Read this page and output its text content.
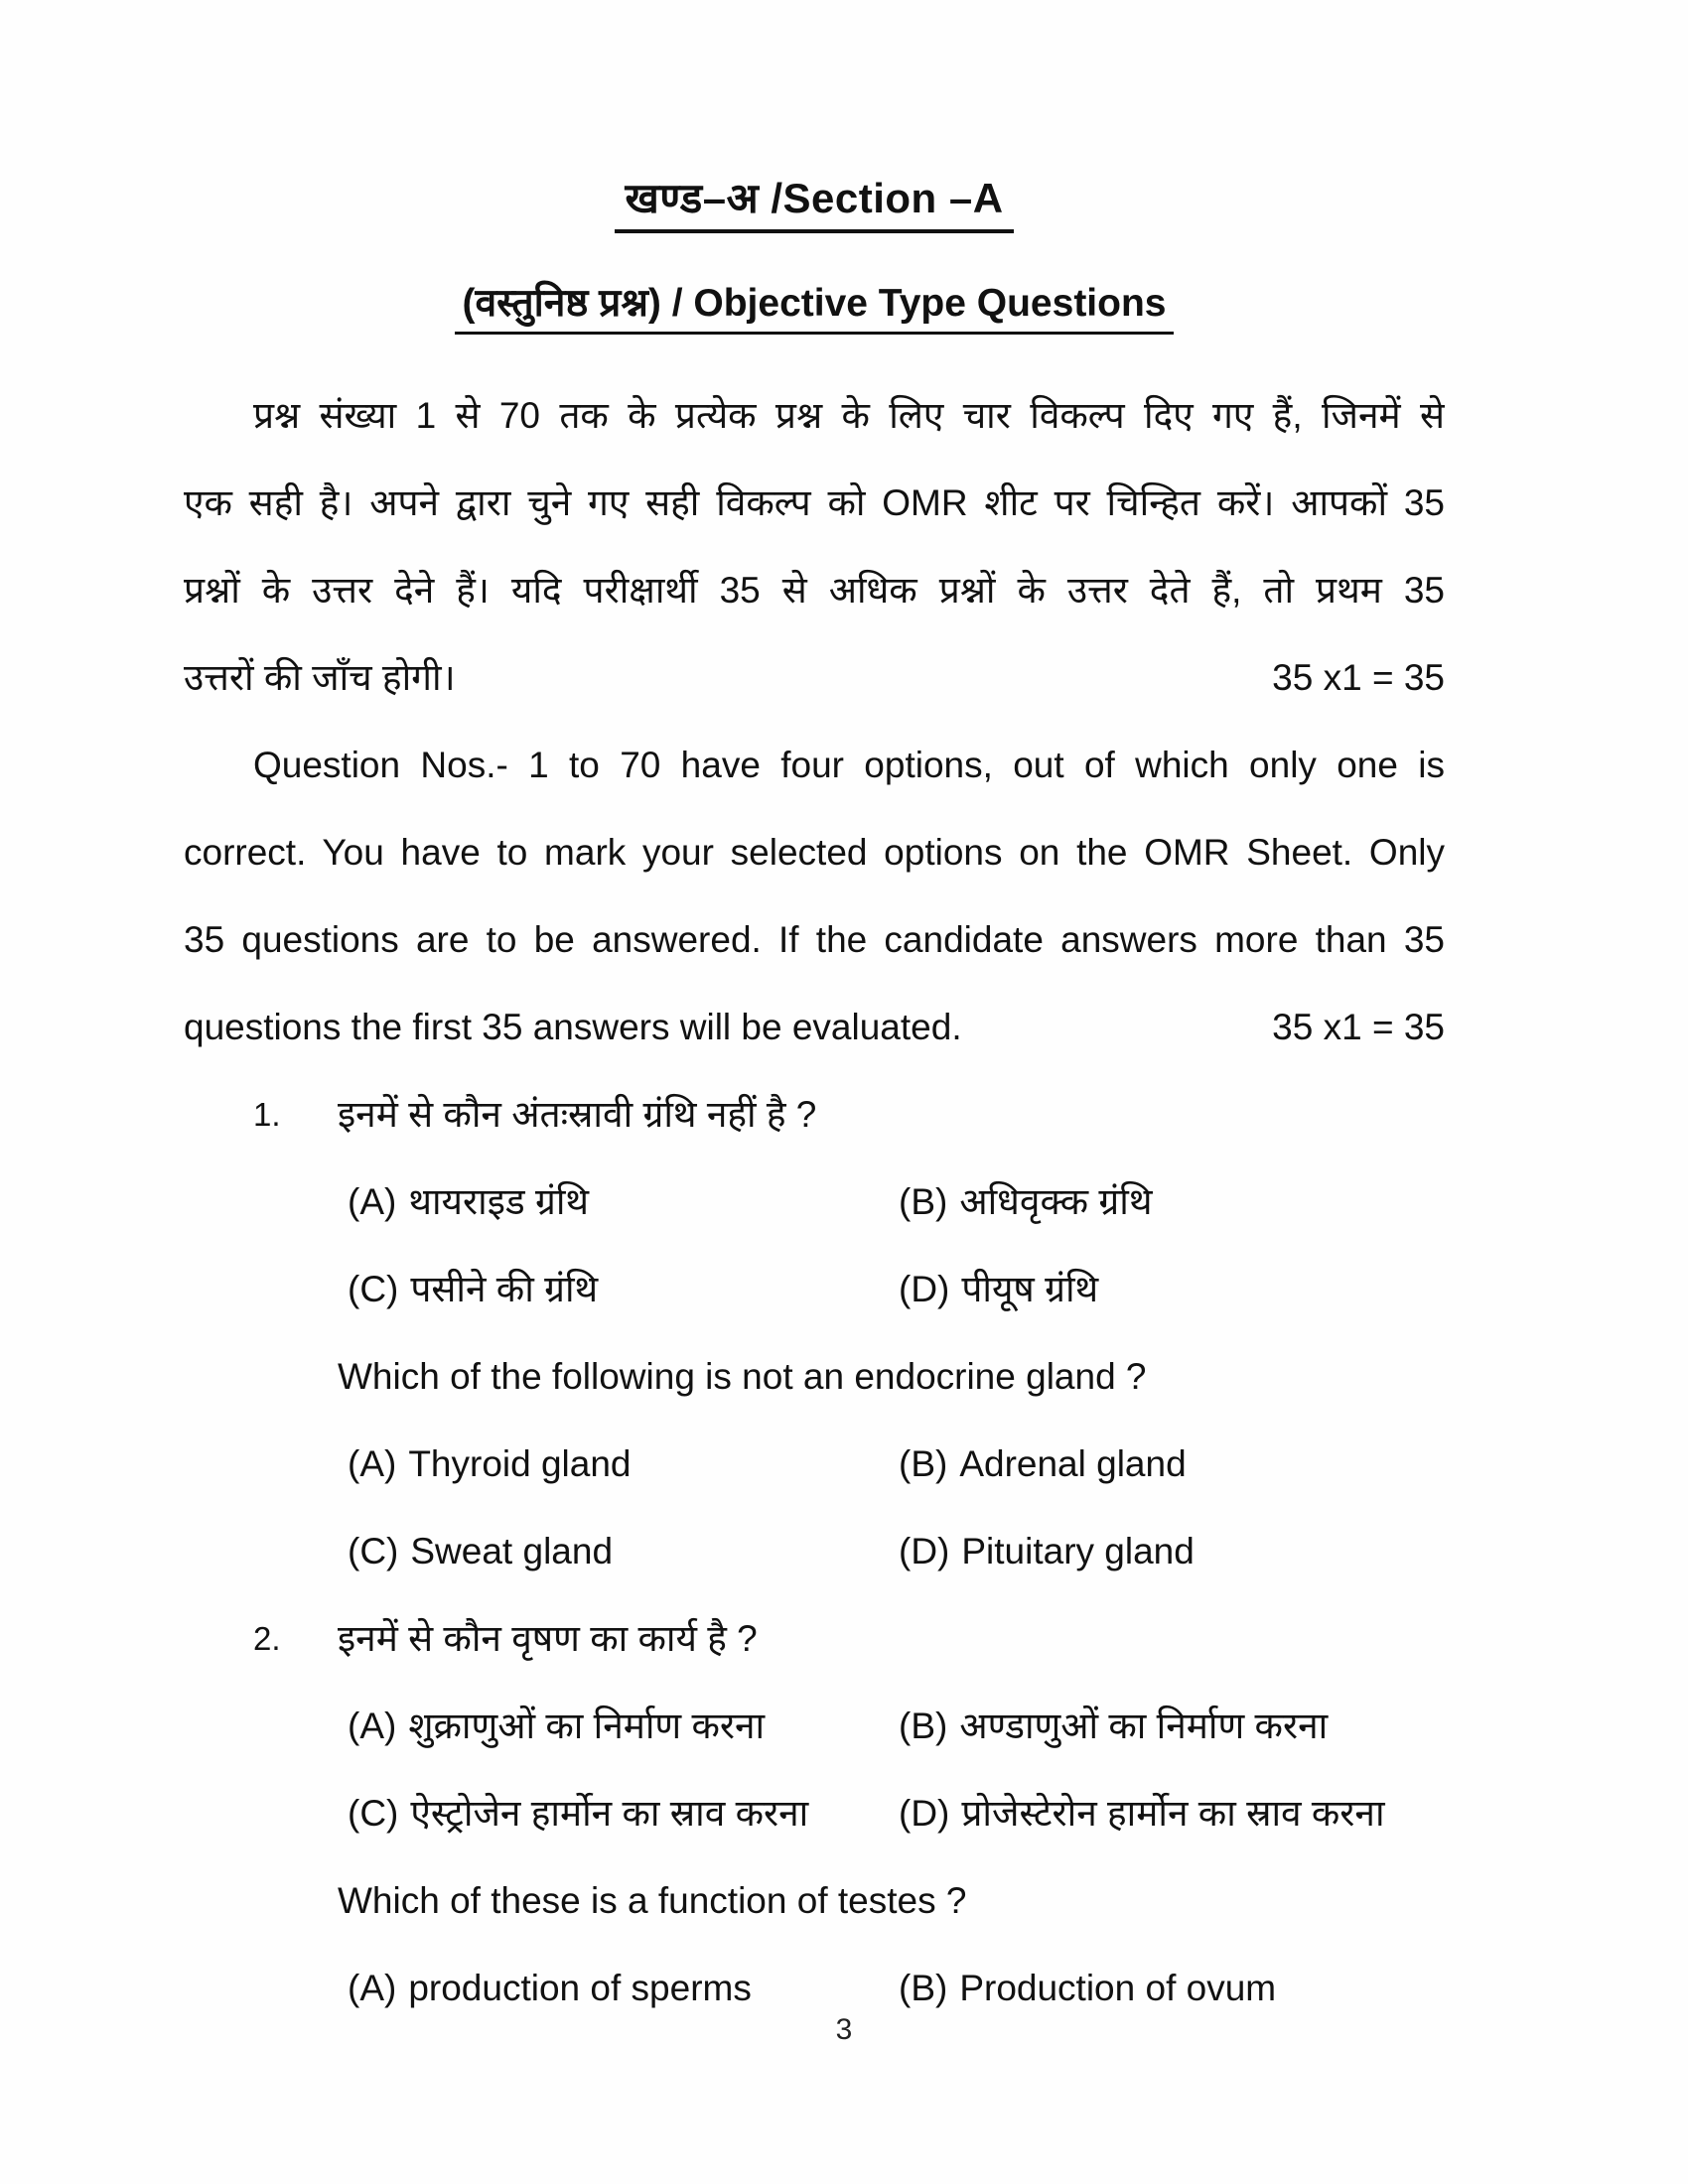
खण्ड–अ /Section –A
(वस्तुनिष्ठ प्रश्न) / Objective Type Questions
प्रश्न संख्या 1 से 70 तक के प्रत्येक प्रश्न के लिए चार विकल्प दिए गए हैं, जिनमें से
एक सही है। अपने द्वारा चुने गए सही विकल्प को OMR शीट पर चिन्हित करें। आपकों 35
प्रश्नों के उत्तर देने हैं। यदि परीक्षार्थी 35 से अधिक प्रश्नों के उत्तर देते हैं, तो प्रथम 35
उत्तरों की जाँच होगी।	35 x1 = 35
Question Nos.- 1 to 70 have four options, out of which only one is
correct. You have to mark your selected options on the OMR Sheet. Only
35 questions are to be answered. If the candidate answers more than 35
questions the first 35 answers will be evaluated.	35 x1 = 35
1.	इनमें से कौन अंतःस्रावी ग्रंथि नहीं है ?
(A) थायराइड ग्रंथि	(B) अधिवृक्क ग्रंथि
(C) पसीने की ग्रंथि	(D) पीयूष ग्रंथि
Which of the following is not an endocrine gland ?
(A) Thyroid gland	(B) Adrenal gland
(C) Sweat gland	(D) Pituitary gland
2.	इनमें से कौन वृषण का कार्य है ?
(A) शुक्राणुओं का निर्माण करना	(B) अण्डाणुओं का निर्माण करना
(C) ऐस्ट्रोजेन हार्मोन का स्राव करना	(D) प्रोजेस्टेरोन हार्मोन का स्राव करना
Which of these is a function of testes ?
(A) production of sperms	(B) Production of ovum
3
